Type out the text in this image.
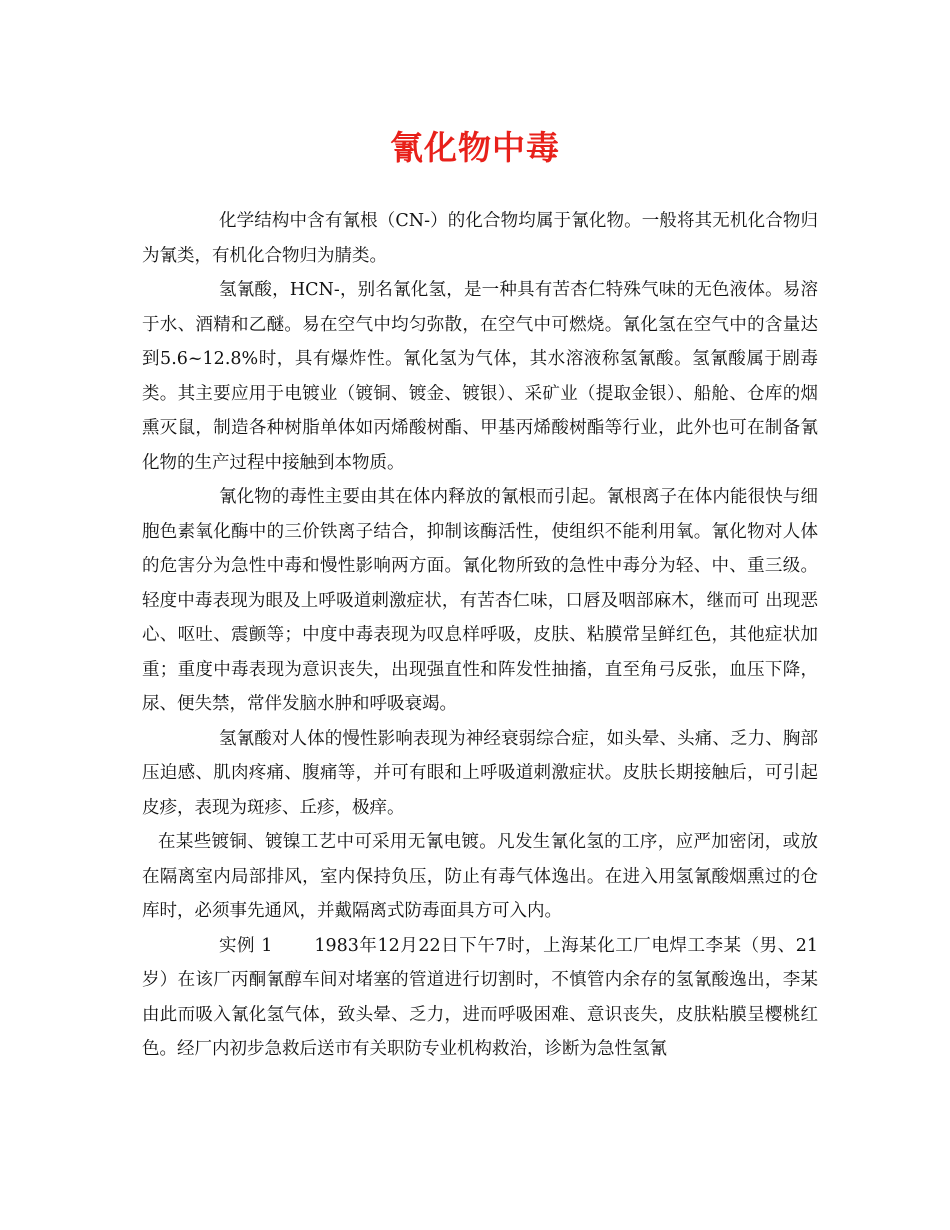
氰化物中毒

化学结构中含有氰根（CN-）的化合物均属于氰化物。一般将其无机化合物归为氰类，有机化合物归为腈类。

氢氰酸，HCN-，别名氰化氢，是一种具有苦杏仁特殊气味的无色液体。易溶于水、酒精和乙醚。易在空气中均匀弥散，在空气中可燃烧。氰化氢在空气中的含量达到5.6~12.8%时，具有爆炸性。氰化氢为气体，其水溶液称氢氰酸。氢氰酸属于剧毒类。其主要应用于电镀业（镀铜、镀金、镀银）、采矿业（提取金银）、船舱、仓库的烟熏灭鼠，制造各种树脂单体如丙烯酸树酯、甲基丙烯酸树酯等行业，此外也可在制备氰化物的生产过程中接触到本物质。

氰化物的毒性主要由其在体内释放的氰根而引起。氰根离子在体内能很快与细胞色素氧化酶中的三价铁离子结合，抑制该酶活性，使组织不能利用氧。氰化物对人体的危害分为急性中毒和慢性影响两方面。氰化物所致的急性中毒分为轻、中、重三级。轻度中毒表现为眼及上呼吸道刺激症状，有苦杏仁味，口唇及咽部麻木，继而可 出现恶心、呕吐、震颤等；中度中毒表现为叹息样呼吸，皮肤、粘膜常呈鲜红色，其他症状加重；重度中毒表现为意识丧失，出现强直性和阵发性抽搐，直至角弓反张，血压下降，尿、便失禁，常伴发脑水肿和呼吸衰竭。

氢氰酸对人体的慢性影响表现为神经衰弱综合症，如头晕、头痛、乏力、胸部压迫感、肌肉疼痛、腹痛等，并可有眼和上呼吸道刺激症状。皮肤长期接触后，可引起皮疹，表现为斑疹、丘疹，极痒。

在某些镀铜、镀镍工艺中可采用无氰电镀。凡发生氰化氢的工序，应严加密闭，或放在隔离室内局部排风，室内保持负压，防止有毒气体逸出。在进入用氢氰酸烟熏过的仓库时，必须事先通风，并戴隔离式防毒面具方可入内。

实例 1 1983年12月22日下午7时，上海某化工厂电焊工李某（男、21岁）在该厂丙酮氰醇车间对堵塞的管道进行切割时，不慎管内余存的氢氰酸逸出，李某由此而吸入氰化氢气体，致头晕、乏力，进而呼吸困难、意识丧失，皮肤粘膜呈樱桃红色。经厂内初步急救后送市有关职防专业机构救治，诊断为急性氢氰
